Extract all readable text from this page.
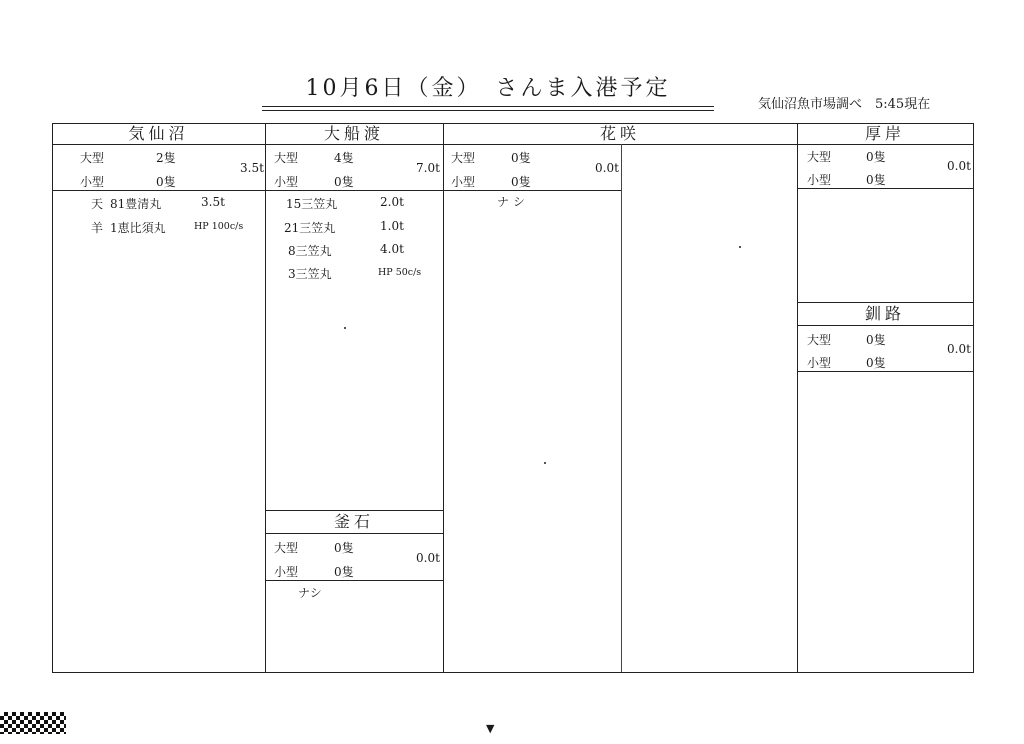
10月6日（金）　さんま入港予定
気仙沼魚市場調べ　5:45現在
気仙沼
大型	2隻
小型	0隻
3.5t
天 81豊清丸	3.5t
⽺ 1恵比須丸	HP 100c/s
大船渡
大型	4隻
小型	0隻
7.0t
15三笠丸	2.0t
21三笠丸	1.0t
8三笠丸	4.0t
3三笠丸	HP 50c/s
釜石
大型	0隻
小型	0隻
0.0t
ナシ
花咲
大型	0隻
小型	0隻
0.0t
ナ シ
厚岸
大型	0隻
小型	0隻
0.0t
釧路
大型	0隻
小型	0隻
0.0t
▼
